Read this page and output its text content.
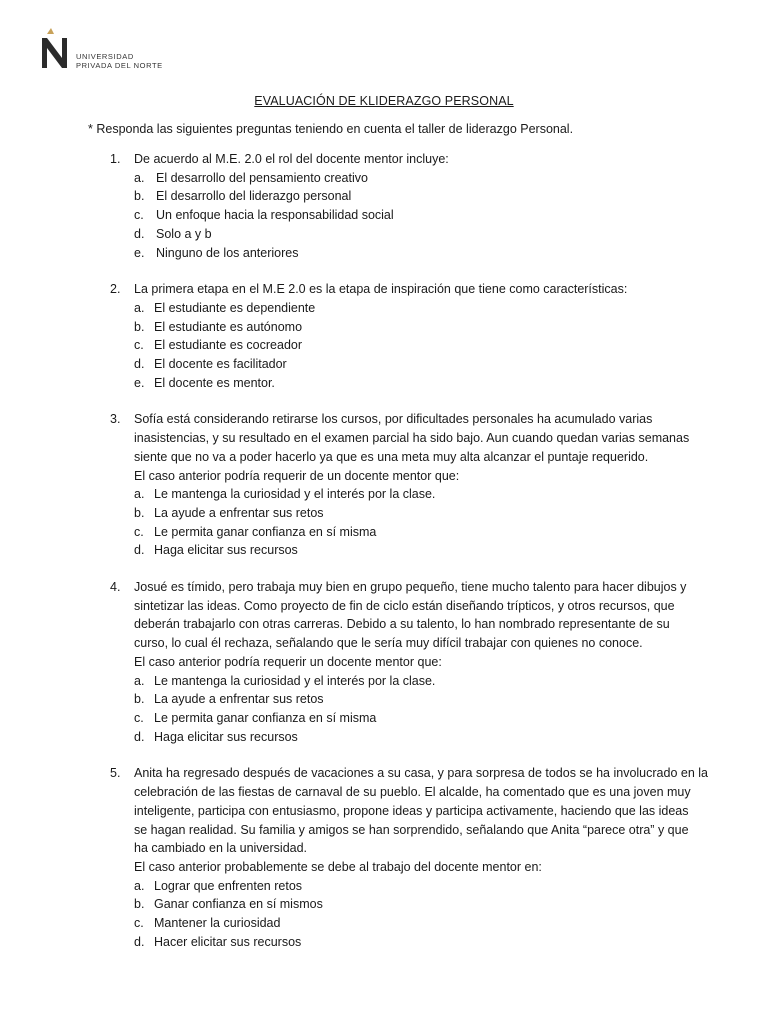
UNIVERSIDAD
PRIVADA DEL NORTE
EVALUACIÓN DE KLIDERAZGO PERSONAL
* Responda las siguientes preguntas teniendo en cuenta el taller de liderazgo Personal.
1. De acuerdo al M.E. 2.0 el rol del docente mentor incluye:
a. El desarrollo del pensamiento creativo
b. El desarrollo del liderazgo personal
c. Un enfoque hacia la responsabilidad social
d. Solo a y b
e. Ninguno de los anteriores
2. La primera etapa en el M.E 2.0 es la etapa de inspiración que tiene como características:
a. El estudiante es dependiente
b. El estudiante es autónomo
c. El estudiante es cocreador
d. El docente es facilitador
e. El docente es mentor.
3. Sofía está considerando retirarse los cursos, por dificultades personales ha acumulado varias
inasistencias, y su resultado en el examen parcial ha sido bajo. Aun cuando quedan varias semanas
siente que no va a poder hacerlo ya que es una meta muy alta alcanzar el puntaje requerido.
El caso anterior podría requerir de un docente mentor que:
a. Le mantenga la curiosidad y el interés por la clase.
b. La ayude a enfrentar sus retos
c. Le permita ganar confianza en sí misma
d. Haga elicitar sus recursos
4. Josué es tímido, pero trabaja muy bien en grupo pequeño, tiene mucho talento para hacer dibujos y
sintetizar las ideas. Como proyecto de fin de ciclo están diseñando trípticos, y otros recursos, que
deberán trabajarlo con otras carreras. Debido a su talento, lo han nombrado representante de su
curso, lo cual él rechaza, señalando que le sería muy difícil trabajar con quienes no conoce.
El caso anterior podría requerir un docente mentor que:
a. Le mantenga la curiosidad y el interés por la clase.
b. La ayude a enfrentar sus retos
c. Le permita ganar confianza en sí misma
d. Haga elicitar sus recursos
5. Anita ha regresado después de vacaciones a su casa, y para sorpresa de todos se ha involucrado en la
celebración de las fiestas de carnaval de su pueblo. El alcalde, ha comentado que es una joven muy
inteligente, participa con entusiasmo, propone ideas y participa activamente, haciendo que las ideas
se hagan realidad. Su familia y amigos se han sorprendido, señalando que Anita “parece otra” y que
ha cambiado en la universidad.
El caso anterior probablemente se debe al trabajo del docente mentor en:
a. Lograr que enfrenten retos
b. Ganar confianza en sí mismos
c. Mantener la curiosidad
d. Hacer elicitar sus recursos
